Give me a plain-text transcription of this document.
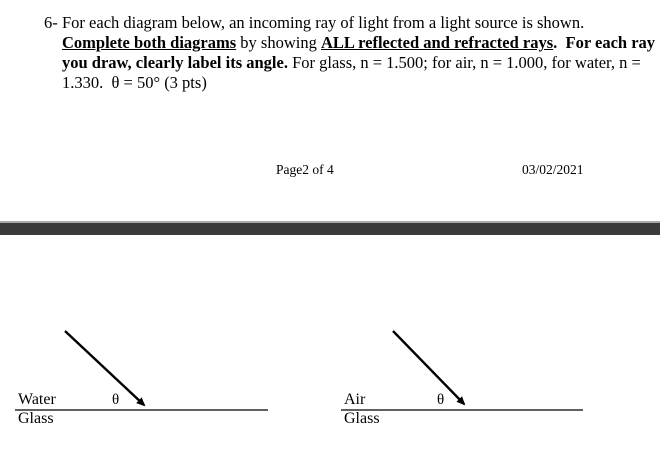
6- For each diagram below, an incoming ray of light from a light source is shown. Complete both diagrams by showing ALL reflected and refracted rays. For each ray you draw, clearly label its angle. For glass, n = 1.500; for air, n = 1.000, for water, n = 1.330. θ = 50° (3 pts)
Page2 of 4	03/02/2021
Water
Glass
θ	Air
Glass
θ
